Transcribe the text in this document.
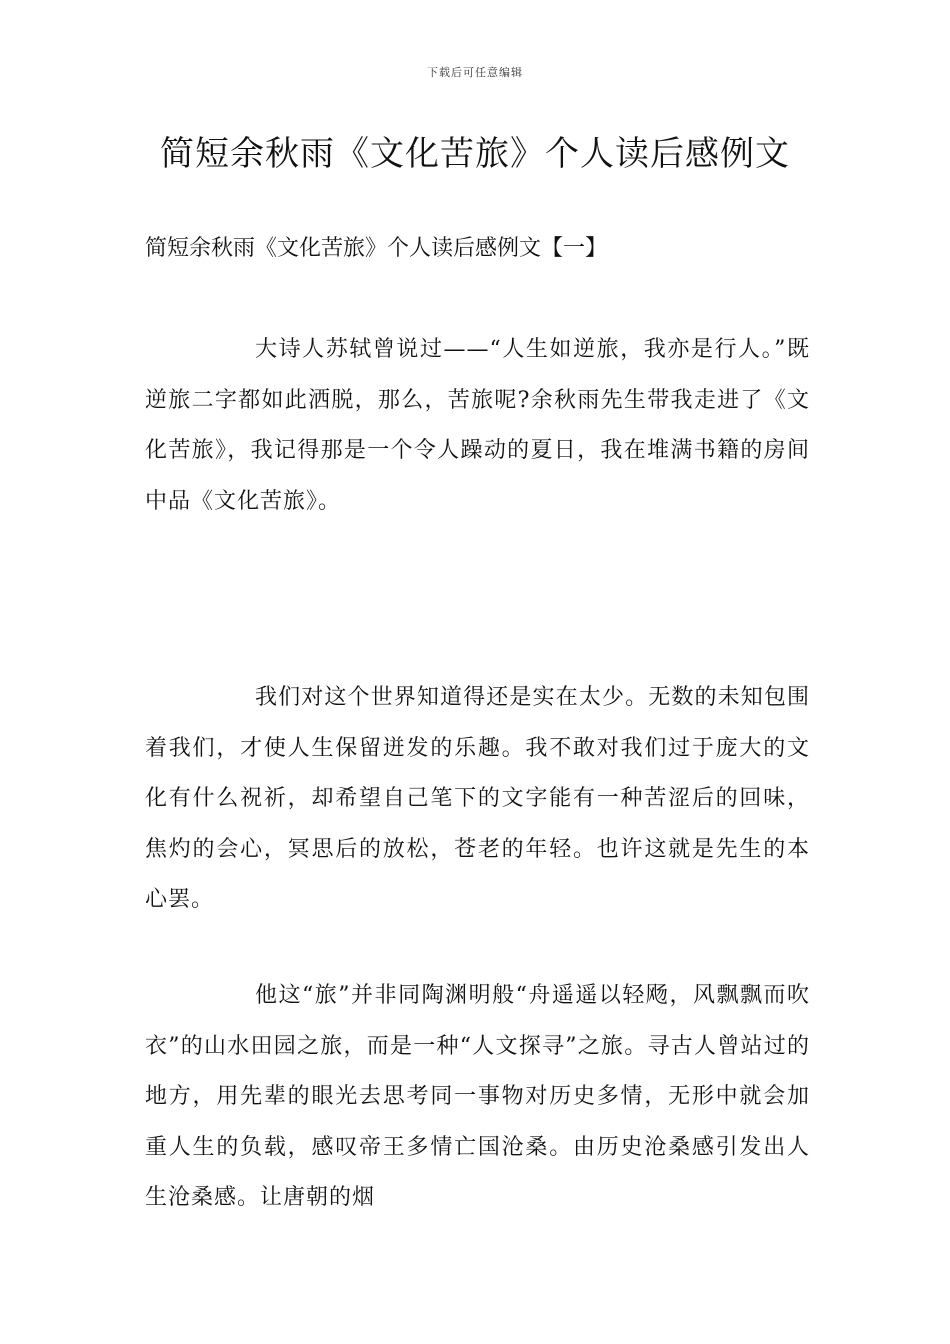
下载后可任意编辑
简短余秋雨《文化苦旅》个人读后感例文

简短余秋雨《文化苦旅》个人读后感例文【一】

大诗人苏轼曾说过——“人生如逆旅，我亦是行人。”既逆旅二字都如此洒脱，那么，苦旅呢?余秋雨先生带我走进了《文化苦旅》，我记得那是一个令人躁动的夏日，我在堆满书籍的房间中品《文化苦旅》。

我们对这个世界知道得还是实在太少。无数的未知包围着我们，才使人生保留迸发的乐趣。我不敢对我们过于庞大的文化有什么祝祈，却希望自己笔下的文字能有一种苦涩后的回味，焦灼的会心，冥思后的放松，苍老的年轻。也许这就是先生的本心罢。

他这“旅”并非同陶渊明般“舟遥遥以轻飏，风飘飘而吹衣”的山水田园之旅，而是一种“人文探寻”之旅。寻古人曾站过的地方，用先辈的眼光去思考同一事物对历史多情，无形中就会加重人生的负载，感叹帝王多情亡国沧桑。由历史沧桑感引发出人生沧桑感。让唐朝的烟
